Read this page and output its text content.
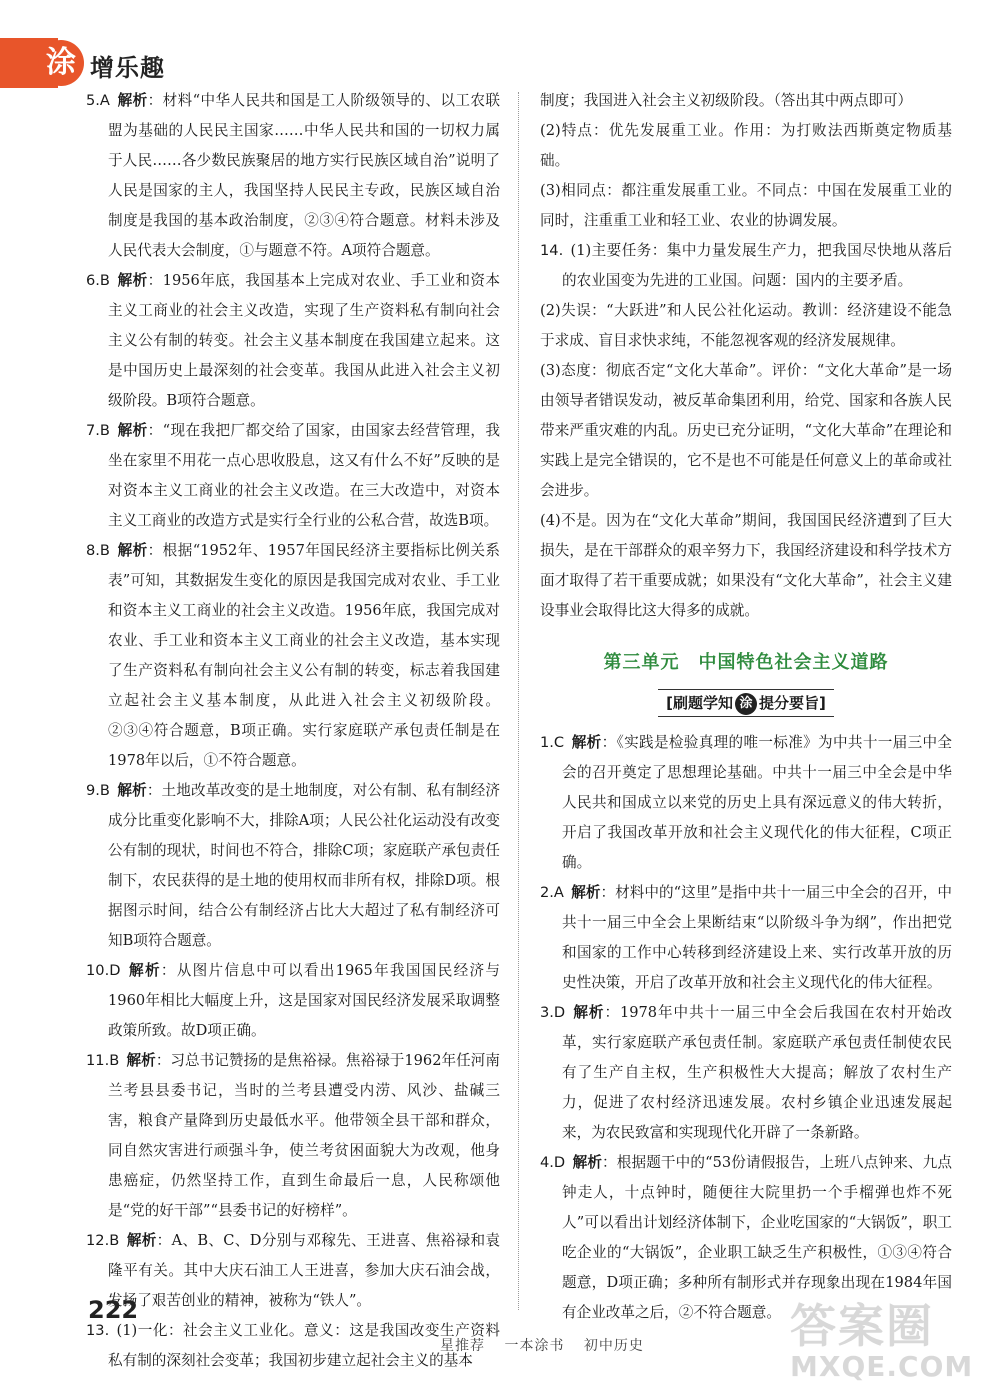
涂 增乐趣

5.A  解析：材料“中华人民共和国是工人阶级领导的、以工农联盟为基础的人民民主国家……中华人民共和国的一切权力属于人民……各少数民族聚居的地方实行民族区域自治”说明了人民是国家的主人，我国坚持人民民主专政，民族区域自治制度是我国的基本政治制度，②③④符合题意。材料未涉及人民代表大会制度，①与题意不符。A项符合题意。

6.B  解析：1956年底，我国基本上完成对农业、手工业和资本主义工商业的社会主义改造，实现了生产资料私有制向社会主义公有制的转变。社会主义基本制度在我国建立起来。这是中国历史上最深刻的社会变革。我国从此进入社会主义初级阶段。B项符合题意。

7.B  解析：“现在我把厂都交给了国家，由国家去经营管理，我坐在家里不用花一点心思收股息，这又有什么不好”反映的是对资本主义工商业的社会主义改造。在三大改造中，对资本主义工商业的改造方式是实行全行业的公私合营，故选B项。

8.B  解析：根据“1952年、1957年国民经济主要指标比例关系表”可知，其数据发生变化的原因是我国完成对农业、手工业和资本主义工商业的社会主义改造。1956年底，我国完成对农业、手工业和资本主义工商业的社会主义改造，基本实现了生产资料私有制向社会主义公有制的转变，标志着我国建立起社会主义基本制度，从此进入社会主义初级阶段。②③④符合题意，B项正确。实行家庭联产承包责任制是在1978年以后，①不符合题意。

9.B  解析：土地改革改变的是土地制度，对公有制、私有制经济成分比重变化影响不大，排除A项；人民公社化运动没有改变公有制的现状，时间也不符合，排除C项；家庭联产承包责任制下，农民获得的是土地的使用权而非所有权，排除D项。根据图示时间，结合公有制经济占比大大超过了私有制经济可知B项符合题意。

10.D  解析：从图片信息中可以看出1965年我国国民经济与1960年相比大幅度上升，这是国家对国民经济发展采取调整政策所致。故D项正确。

11.B  解析：习总书记赞扬的是焦裕禄。焦裕禄于1962年任河南兰考县县委书记，当时的兰考县遭受内涝、风沙、盐碱三害，粮食产量降到历史最低水平。他带领全县干部和群众，同自然灾害进行顽强斗争，使兰考贫困面貌大为改观，他身患癌症，仍然坚持工作，直到生命最后一息，人民称颂他是“党的好干部”“县委书记的好榜样”。

12.B  解析：A、B、C、D分别与邓稼先、王进喜、焦裕禄和袁隆平有关。其中大庆石油工人王进喜，参加大庆石油会战，发扬了艰苦创业的精神，被称为“铁人”。

13.  (1)一化：社会主义工业化。意义：这是我国改变生产资料私有制的深刻社会变革；我国初步建立起社会主义的基本

制度；我国进入社会主义初级阶段。（答出其中两点即可）

(2)特点：优先发展重工业。作用：为打败法西斯奠定物质基础。

(3)相同点：都注重发展重工业。不同点：中国在发展重工业的同时，注重重工业和轻工业、农业的协调发展。

14.  (1)主要任务：集中力量发展生产力，把我国尽快地从落后的农业国变为先进的工业国。问题：国内的主要矛盾。

(2)失误：“大跃进”和人民公社化运动。教训：经济建设不能急于求成、盲目求快求纯，不能忽视客观的经济发展规律。

(3)态度：彻底否定“文化大革命”。评价：“文化大革命”是一场由领导者错误发动，被反革命集团利用，给党、国家和各族人民带来严重灾难的内乱。历史已充分证明，“文化大革命”在理论和实践上是完全错误的，它不是也不可能是任何意义上的革命或社会进步。

(4)不是。因为在“文化大革命”期间，我国国民经济遭到了巨大损失，是在干部群众的艰辛努力下，我国经济建设和科学技术方面才取得了若干重要成就；如果没有“文化大革命”，社会主义建设事业会取得比这大得多的成就。

第三单元　中国特色社会主义道路
[刷题学知 涂 提分要旨]

1.C  解析：《实践是检验真理的唯一标准》为中共十一届三中全会的召开奠定了思想理论基础。中共十一届三中全会是中华人民共和国成立以来党的历史上具有深远意义的伟大转折，开启了我国改革开放和社会主义现代化的伟大征程，C项正确。

2.A  解析：材料中的“这里”是指中共十一届三中全会的召开，中共十一届三中全会上果断结束“以阶级斗争为纲”，作出把党和国家的工作中心转移到经济建设上来、实行改革开放的历史性决策，开启了改革开放和社会主义现代化的伟大征程。

3.D  解析：1978年中共十一届三中全会后我国在农村开始改革，实行家庭联产承包责任制。家庭联产承包责任制使农民有了生产自主权，生产积极性大大提高；解放了农村生产力，促进了农村经济迅速发展。农村乡镇企业迅速发展起来，为农民致富和实现现代化开辟了一条新路。

4.D  解析：根据题干中的“53份请假报告，上班八点钟来、九点钟走人，十点钟时，随便往大院里扔一个手榴弹也炸不死人”可以看出计划经济体制下，企业吃国家的“大锅饭”，职工吃企业的“大锅饭”，企业职工缺乏生产积极性，①③④符合题意，D项正确；多种所有制形式并存现象出现在1984年国有企业改革之后，②不符合题意。

222
星推荐 一本涂书 初中历史	答案圈
MXQE.COM
